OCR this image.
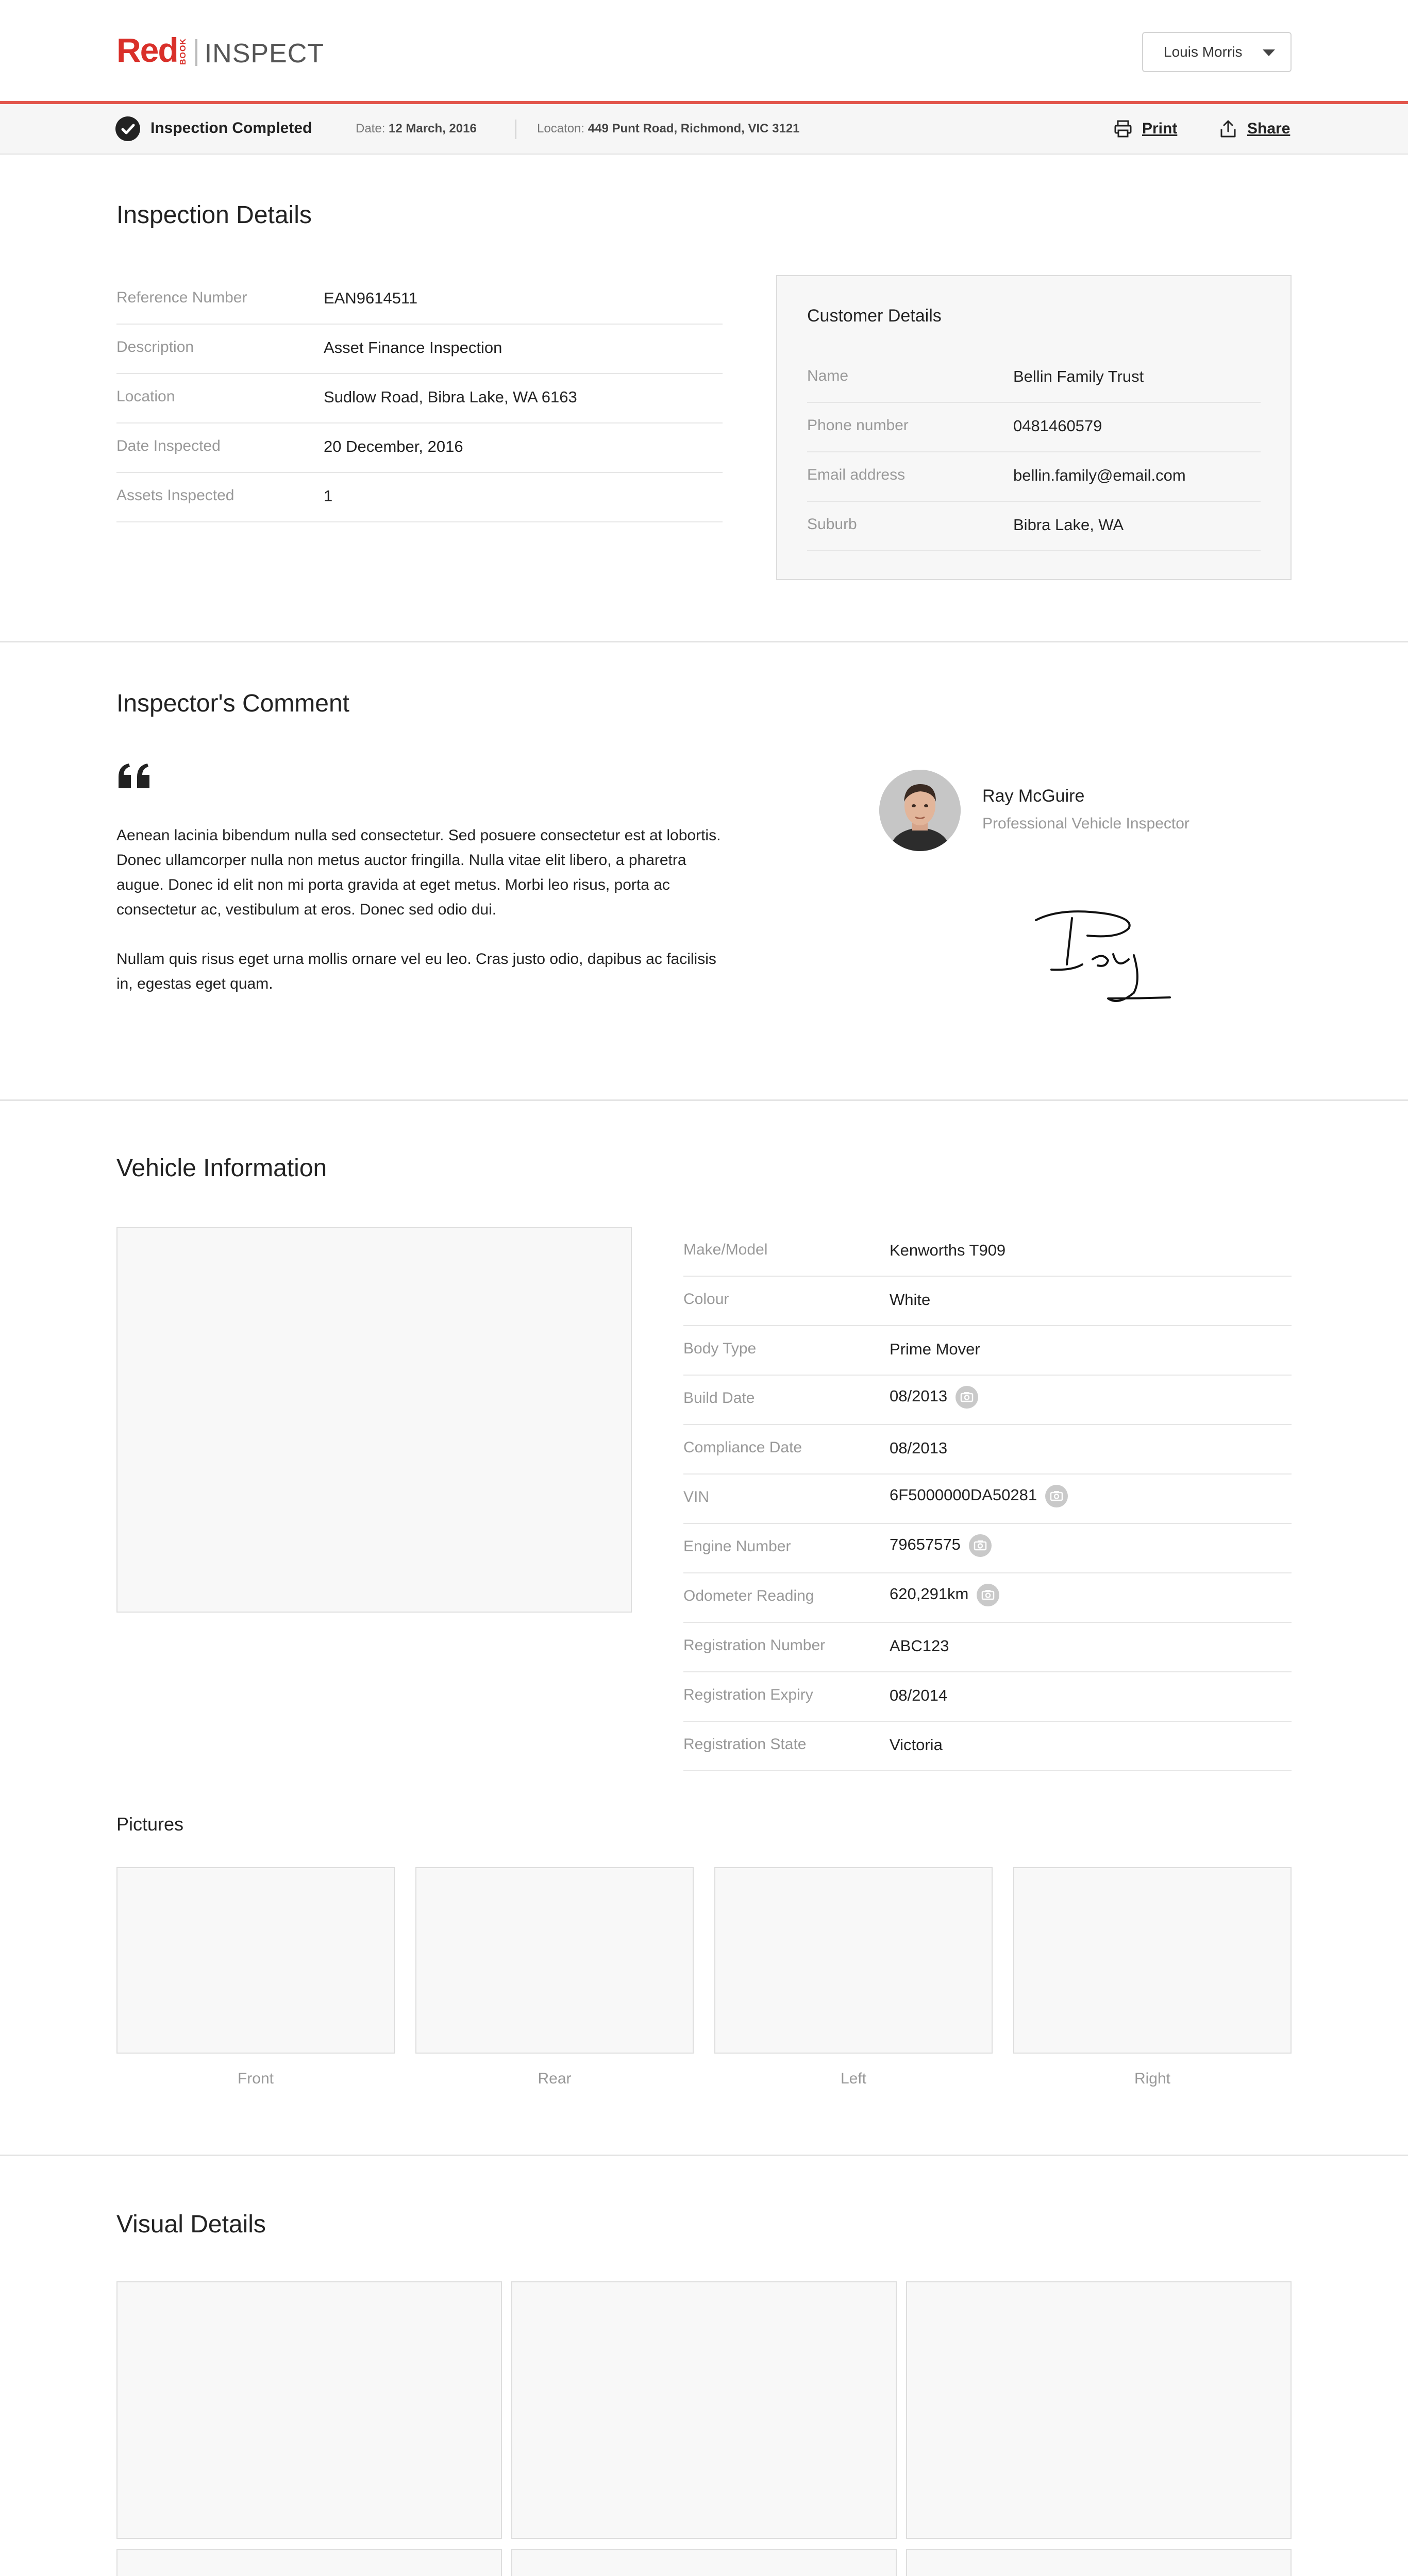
Red BOOK INSPECT	Louis Morris
Inspection Completed	Date: 12 March, 2016	Locaton: 449 Punt Road, Richmond, VIC 3121	Print	Share
Inspection Details
Reference Number	EAN9614511
Description	Asset Finance Inspection
Location	Sudlow Road, Bibra Lake, WA 6163
Date Inspected	20 December, 2016
Assets Inspected	1
Customer Details
Name	Bellin Family Trust
Phone number	0481460579
Email address	bellin.family@email.com
Suburb	Bibra Lake, WA
Inspector's Comment
Aenean lacinia bibendum nulla sed consectetur. Sed posuere consectetur est at lobortis.
Donec ullamcorper nulla non metus auctor fringilla. Nulla vitae elit libero, a pharetra
augue. Donec id elit non mi porta gravida at eget metus. Morbi leo risus, porta ac
consectetur ac, vestibulum at eros. Donec sed odio dui.
Nullam quis risus eget urna mollis ornare vel eu leo. Cras justo odio, dapibus ac facilisis
in, egestas eget quam.
Ray McGuire
Professional Vehicle Inspector
Vehicle Information
Make/Model	Kenworths T909
Colour	White
Body Type	Prime Mover
Build Date	08/2013
Compliance Date	08/2013
VIN	6F5000000DA50281
Engine Number	79657575
Odometer Reading	620,291km
Registration Number	ABC123
Registration Expiry	08/2014
Registration State	Victoria
Pictures
Front	Rear	Left	Right
Visual Details
